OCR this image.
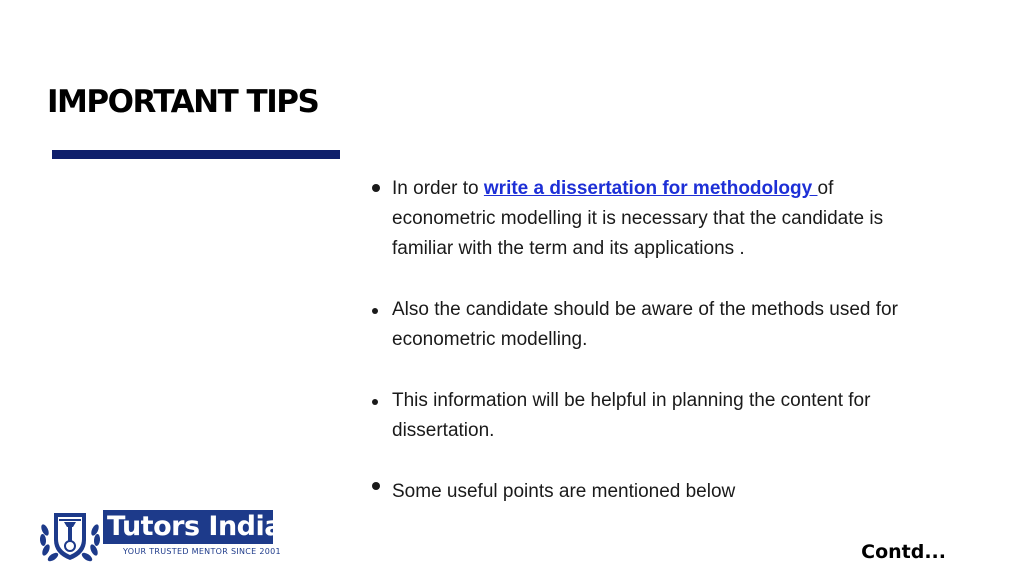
IMPORTANT TIPS
In order to write a dissertation for methodology of econometric modelling it is necessary that the candidate is familiar with the term and its applications .
Also the candidate should be aware of the methods used for econometric modelling.
This information will be helpful in planning the content for dissertation.
Some useful points are mentioned below
Tutors India
YOUR TRUSTED MENTOR SINCE 2001	Contd...
